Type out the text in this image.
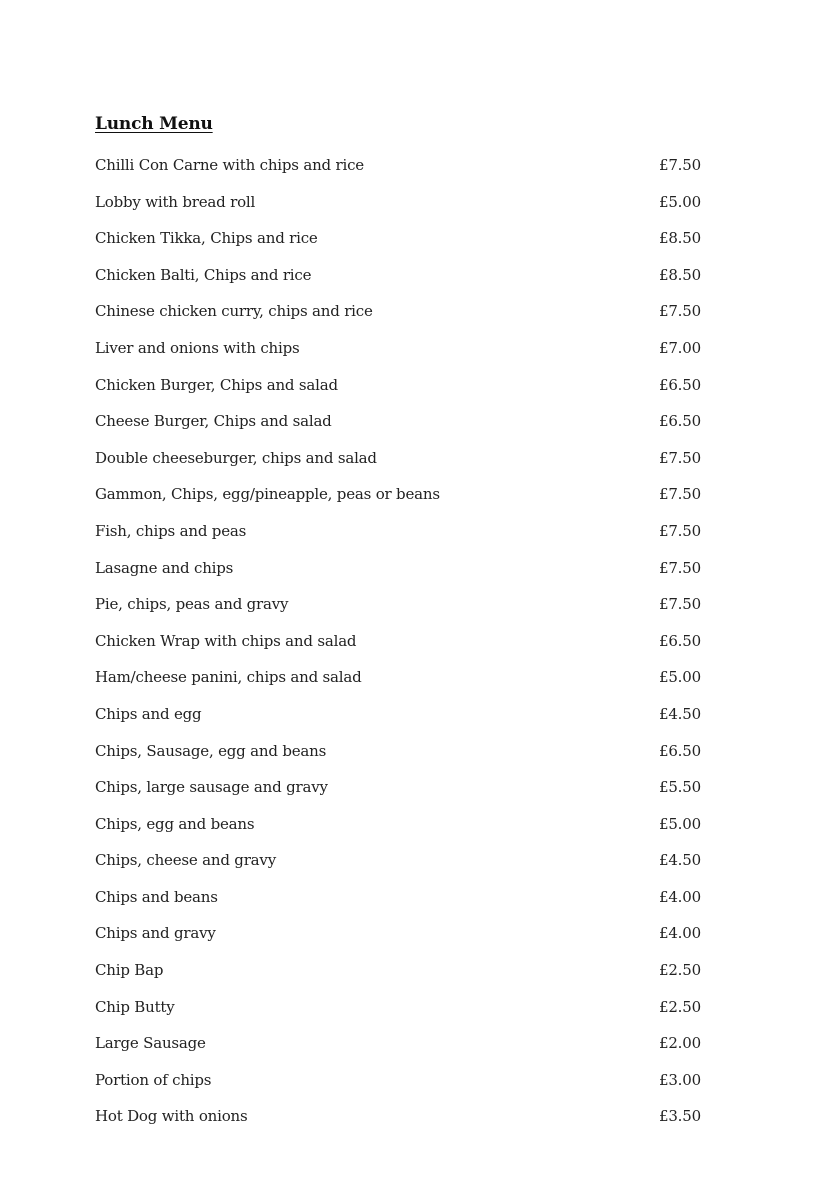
Lunch Menu
Chilli Con Carne with chips and rice	£7.50
Lobby with bread roll	£5.00
Chicken Tikka, Chips and rice	£8.50
Chicken Balti, Chips and rice	£8.50
Chinese chicken curry, chips and rice	£7.50
Liver and onions with chips	£7.00
Chicken Burger, Chips and salad	£6.50
Cheese Burger, Chips and salad	£6.50
Double cheeseburger, chips and salad	£7.50
Gammon, Chips, egg/pineapple, peas or beans	£7.50
Fish, chips and peas	£7.50
Lasagne and chips	£7.50
Pie, chips, peas and gravy	£7.50
Chicken Wrap with chips and salad	£6.50
Ham/cheese panini, chips and salad	£5.00
Chips and egg	£4.50
Chips, Sausage, egg and beans	£6.50
Chips, large sausage and gravy	£5.50
Chips, egg and beans	£5.00
Chips, cheese and gravy	£4.50
Chips and beans	£4.00
Chips and gravy	£4.00
Chip Bap	£2.50
Chip Butty	£2.50
Large Sausage	£2.00
Portion of chips	£3.00
Hot Dog with onions	£3.50
